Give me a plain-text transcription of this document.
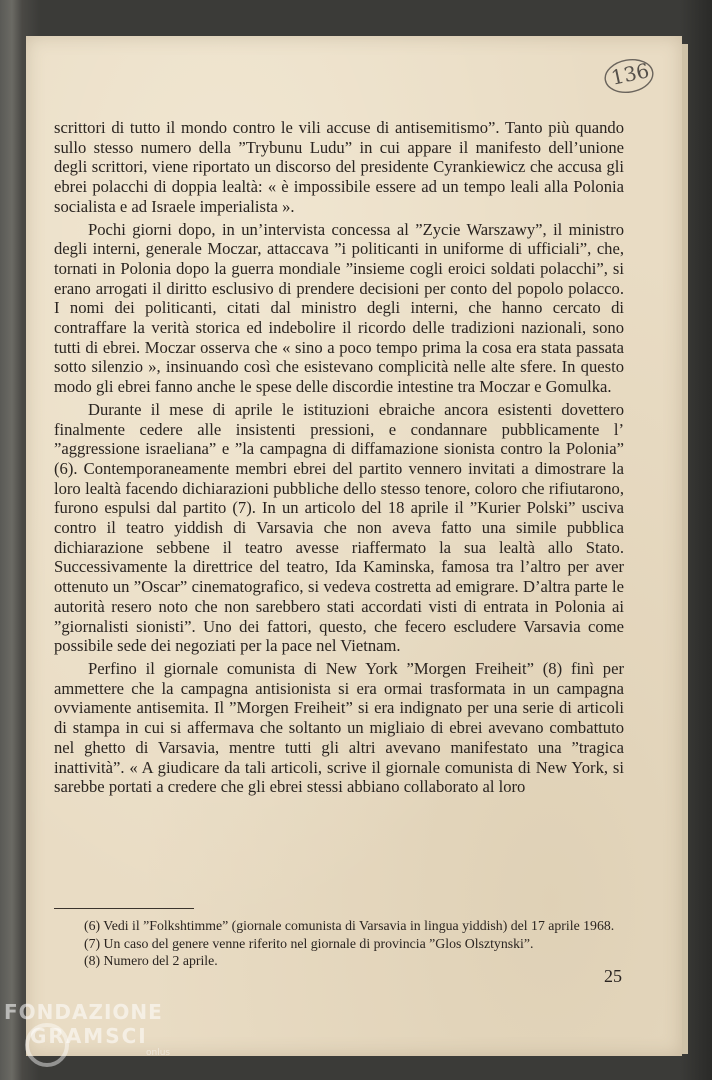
136

scrittori di tutto il mondo contro le vili accuse di antisemitismo”. Tanto più quando sullo stesso numero della ”Trybunu Ludu” in cui appare il manifesto dell’unione degli scrittori, viene riportato un discorso del presidente Cyrankiewicz che accusa gli ebrei polacchi di doppia lealtà: « è impossibile essere ad un tempo leali alla Polonia socialista e ad Israele imperialista ».

Pochi giorni dopo, in un’intervista concessa al ”Zycie Warszawy”, il ministro degli interni, generale Moczar, attaccava ”i politicanti in uniforme di ufficiali”, che, tornati in Polonia dopo la guerra mondiale ”insieme cogli eroici soldati polacchi”, si erano arrogati il diritto esclusivo di prendere decisioni per conto del popolo polacco. I nomi dei politicanti, citati dal ministro degli interni, che hanno cercato di contraffare la verità storica ed indebolire il ricordo delle tradizioni nazionali, sono tutti di ebrei. Moczar osserva che « sino a poco tempo prima la cosa era stata passata sotto silenzio », insinuando così che esistevano complicità nelle alte sfere. In questo modo gli ebrei fanno anche le spese delle discordie intestine tra Moczar e Gomulka.

Durante il mese di aprile le istituzioni ebraiche ancora esistenti dovettero finalmente cedere alle insistenti pressioni, e condannare pubblicamente l’ ”aggressione israeliana” e ”la campagna di diffamazione sionista contro la Polonia” (6). Contemporaneamente membri ebrei del partito vennero invitati a dimostrare la loro lealtà facendo dichiarazioni pubbliche dello stesso tenore, coloro che rifiutarono, furono espulsi dal partito (7). In un articolo del 18 aprile il ”Kurier Polski” usciva contro il teatro yiddish di Varsavia che non aveva fatto una simile pubblica dichiarazione sebbene il teatro avesse riaffermato la sua lealtà allo Stato. Successivamente la direttrice del teatro, Ida Kaminska, famosa tra l’altro per aver ottenuto un ”Oscar” cinematografico, si vedeva costretta ad emigrare. D’altra parte le autorità resero noto che non sarebbero stati accordati visti di entrata in Polonia ai ”giornalisti sionisti”. Uno dei fattori, questo, che fecero escludere Varsavia come possibile sede dei negoziati per la pace nel Vietnam.

Perfino il giornale comunista di New York ”Morgen Freiheit” (8) finì per ammettere che la campagna antisionista si era ormai trasformata in un campagna ovviamente antisemita. Il ”Morgen Freiheit” si era indignato per una serie di articoli di stampa in cui si affermava che soltanto un migliaio di ebrei avevano combattuto nel ghetto di Varsavia, mentre tutti gli altri avevano manifestato una ”tragica inattività”. « A giudicare da tali articoli, scrive il giornale comunista di New York, si sarebbe portati a credere che gli ebrei stessi abbiano collaborato al loro

(6) Vedi il ”Folkshtimme” (giornale comunista di Varsavia in lingua yiddish) del 17 aprile 1968.

(7) Un caso del genere venne riferito nel giornale di provincia ”Glos Olsztynski”.

(8) Numero del 2 aprile.

25
FONDAZIONE
GRAMSCI
onlus
